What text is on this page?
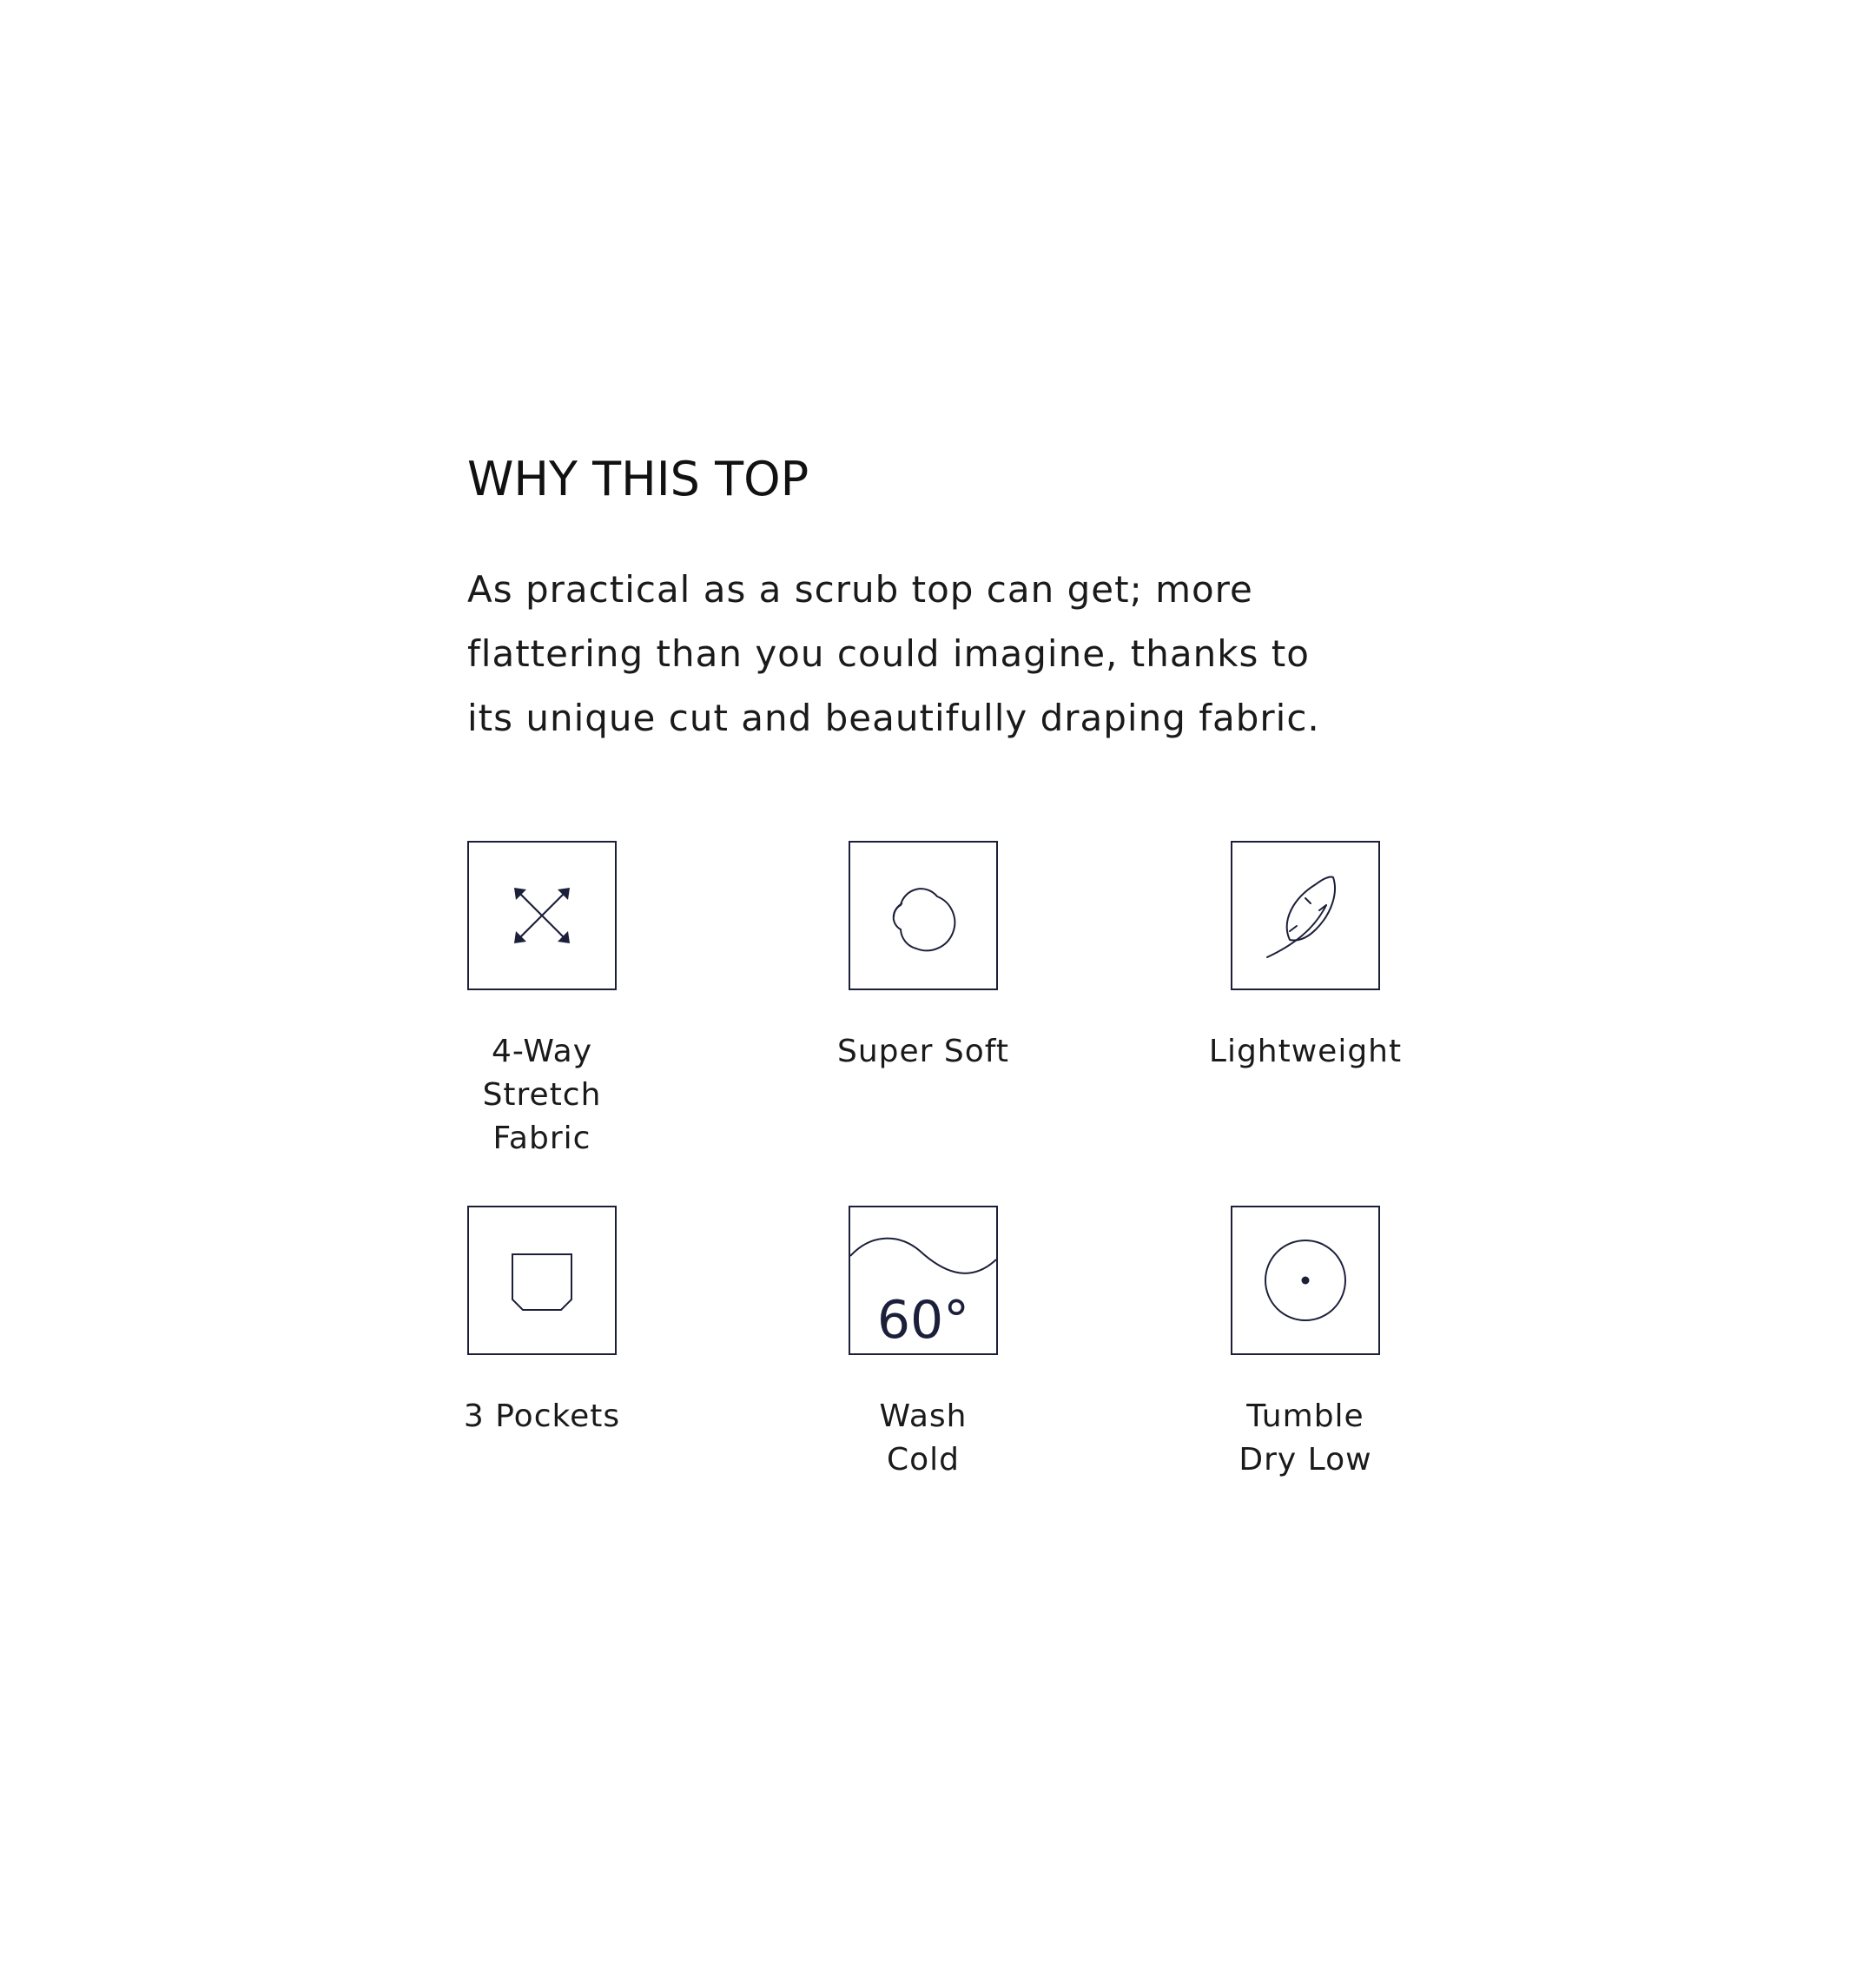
WHY THIS TOP
As practical as a scrub top can get; more
flattering than you could imagine, thanks to
its unique cut and beautifully draping fabric.
4-Way
Stretch
Fabric
Super Soft	Lightweight
3 Pockets
60°
Wash
Cold
Tumble
Dry Low
